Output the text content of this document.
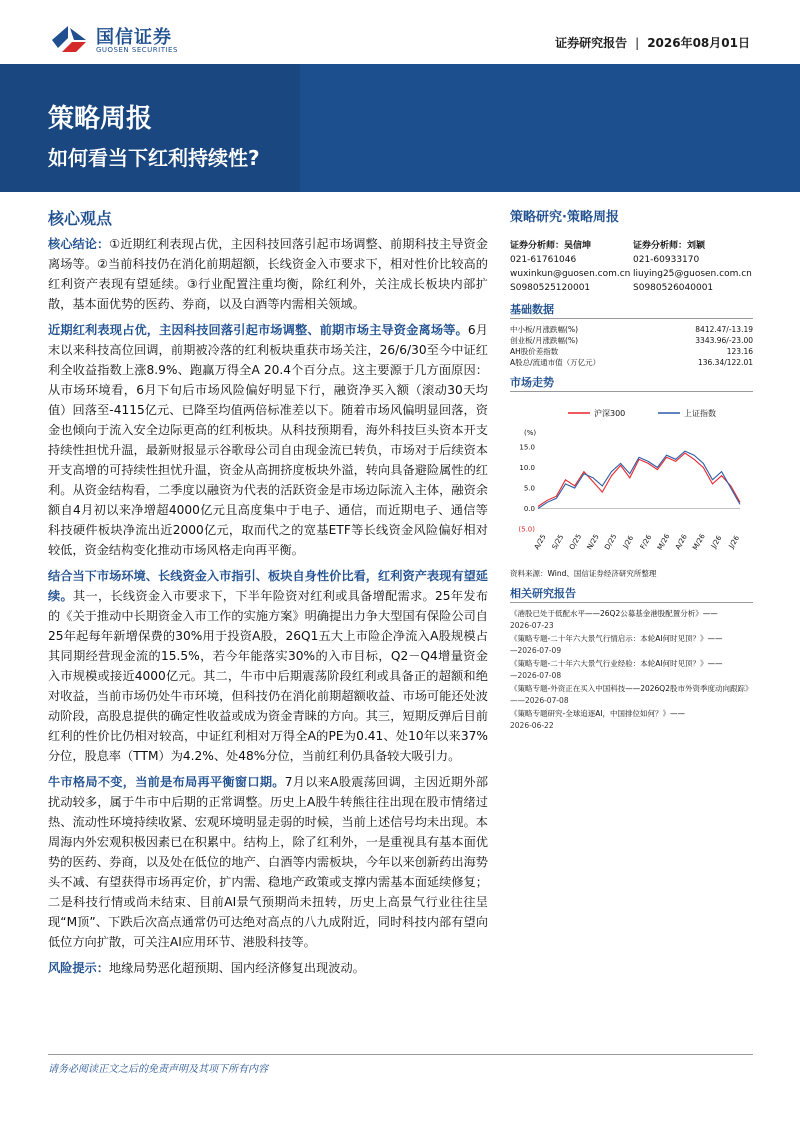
国信证券
GUOSEN SECURITIES	证券研究报告 | 2026年08月01日
策略周报
如何看当下红利持续性?
核心观点

核心结论：①近期红利表现占优，主因科技回落引起市场调整、前期科技主导资金离场等。②当前科技仍在消化前期超额，长线资金入市要求下，相对性价比较高的红利资产表现有望延续。③行业配置注重均衡，除红利外，关注成长板块内部扩散，基本面优势的医药、券商，以及白酒等内需相关领域。

近期红利表现占优，主因科技回落引起市场调整、前期市场主导资金离场等。6月末以来科技高位回调，前期被冷落的红利板块重获市场关注，26/6/30至今中证红利全收益指数上涨8.9%、跑赢万得全A 20.4个百分点。这主要源于几方面原因：从市场环境看，6月下旬后市场风险偏好明显下行，融资净买入额（滚动30天均值）回落至-4115亿元、已降至均值两倍标准差以下。随着市场风偏明显回落，资金也倾向于流入安全边际更高的红利板块。从科技预期看，海外科技巨头资本开支持续性担忧升温，最新财报显示谷歌母公司自由现金流已转负，市场对于后续资本开支高增的可持续性担忧升温，资金从高拥挤度板块外溢，转向具备避险属性的红利。从资金结构看，二季度以融资为代表的活跃资金是市场边际流入主体，融资余额自4月初以来净增超4000亿元且高度集中于电子、通信，而近期电子、通信等科技硬件板块净流出近2000亿元，取而代之的宽基ETF等长线资金风险偏好相对较低，资金结构变化推动市场风格走向再平衡。

结合当下市场环境、长线资金入市指引、板块自身性价比看，红利资产表现有望延续。其一，长线资金入市要求下，下半年险资对红利或具备增配需求。25年发布的《关于推动中长期资金入市工作的实施方案》明确提出力争大型国有保险公司自25年起每年新增保费的30%用于投资A股，26Q1五大上市险企净流入A股规模占其同期经营现金流的15.5%，若今年能落实30%的入市目标，Q2－Q4增量资金入市规模或接近4000亿元。其二，牛市中后期震荡阶段红利或具备正的超额和绝对收益，当前市场仍处牛市环境，但科技仍在消化前期超额收益、市场可能还处波动阶段，高股息提供的确定性收益或成为资金青睐的方向。其三，短期反弹后目前红利的性价比仍相对较高，中证红利相对万得全A的PE为0.41、处10年以来37%分位，股息率（TTM）为4.2%、处48%分位，当前红利仍具备较大吸引力。

牛市格局不变，当前是布局再平衡窗口期。7月以来A股震荡回调，主因近期外部扰动较多，属于牛市中后期的正常调整。历史上A股牛转熊往往出现在股市情绪过热、流动性环境持续收紧、宏观环境明显走弱的时候，当前上述信号均未出现。本周海内外宏观积极因素已在积累中。结构上，除了红利外，一是重视具有基本面优势的医药、券商，以及处在低位的地产、白酒等内需板块，今年以来创新药出海势头不减、有望获得市场再定价，扩内需、稳地产政策或支撑内需基本面延续修复；二是科技行情或尚未结束、目前AI景气预期尚未扭转，历史上高景气行业往往呈现“M顶”、下跌后次高点通常仍可达绝对高点的八九成附近，同时科技内部有望向低位方向扩散，可关注AI应用环节、港股科技等。

风险提示：地缘局势恶化超预期、国内经济修复出现波动。

策略研究·策略周报
证券分析师：吴信坤
021-61761046
wuxinkun@guosen.com.cn
S0980525120001
证券分析师：刘颖
021-60933170
liuying25@guosen.com.cn
S0980526040001
基础数据
中小板/月涨跌幅(%)	8412.47/-13.19
创业板/月涨跌幅(%)	3343.96/-23.00
AH股价差指数	123.16
A股总/流通市值（万亿元）	136.34/122.01
市场走势
沪深300	上证指数
(%)
15.0
10.0
5.0
0.0
(5.0)
A/25 S/25 O/25 N/25 D/25 J/26 F/26 M/26 A/26 M/26 J/26 J/26
资料来源：Wind、国信证券经济研究所整理
相关研究报告
《港股已处于低配水平——26Q2公募基金港股配置分析》——
2026-07-23
《策略专题-二十年六大景气行情启示：本轮AI何时见顶？》——
—2026-07-09
《策略专题-二十年六大景气行业经验：本轮AI何时见顶？》——
—2026-07-08
《策略专题-外资正在买入中国科技——2026Q2股市外资季度动向跟踪》
——2026-07-08
《策略专题研究-全球追逐AI，中国排位如何？》——
2026-06-22
请务必阅读正文之后的免责声明及其项下所有内容
